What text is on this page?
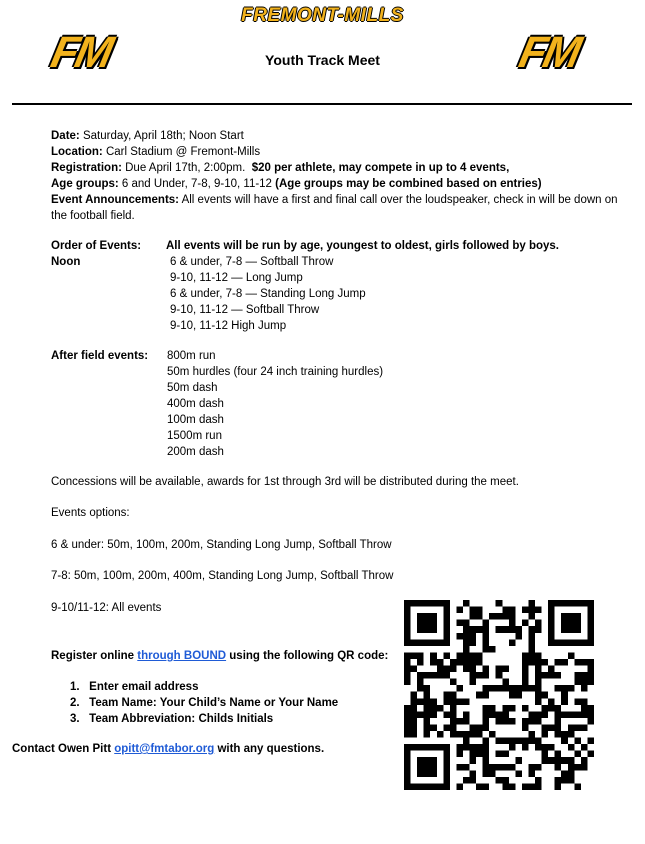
FREMONT-MILLS
FM	FM
Youth Track Meet
Date: Saturday, April 18th; Noon Start
Location: Carl Stadium @ Fremont-Mills
Registration: Due April 17th, 2:00pm.  $20 per athlete, may compete in up to 4 events,
Age groups: 6 and Under, 7-8, 9-10, 11-12 (Age groups may be combined based on entries)
Event Announcements: All events will have a first and final call over the loudspeaker, check in will be down on
the football field.
Order of Events: All events will be run by age, youngest to oldest, girls followed by boys.
Noon	6 & under, 7-8 — Softball Throw
9-10, 11-12 — Long Jump
6 & under, 7-8 — Standing Long Jump
9-10, 11-12 — Softball Throw
9-10, 11-12 High Jump
After field events: 800m run
50m hurdles (four 24 inch training hurdles)
50m dash
400m dash
100m dash
1500m run
200m dash
Concessions will be available, awards for 1st through 3rd will be distributed during the meet.
Events options:
6 & under: 50m, 100m, 200m, Standing Long Jump, Softball Throw
7-8: 50m, 100m, 200m, 400m, Standing Long Jump, Softball Throw
9-10/11-12: All events
Register online through BOUND using the following QR code:
1.   Enter email address
2.   Team Name: Your Child’s Name or Your Name
3.   Team Abbreviation: Childs Initials
Contact Owen Pitt opitt@fmtabor.org with any questions.
